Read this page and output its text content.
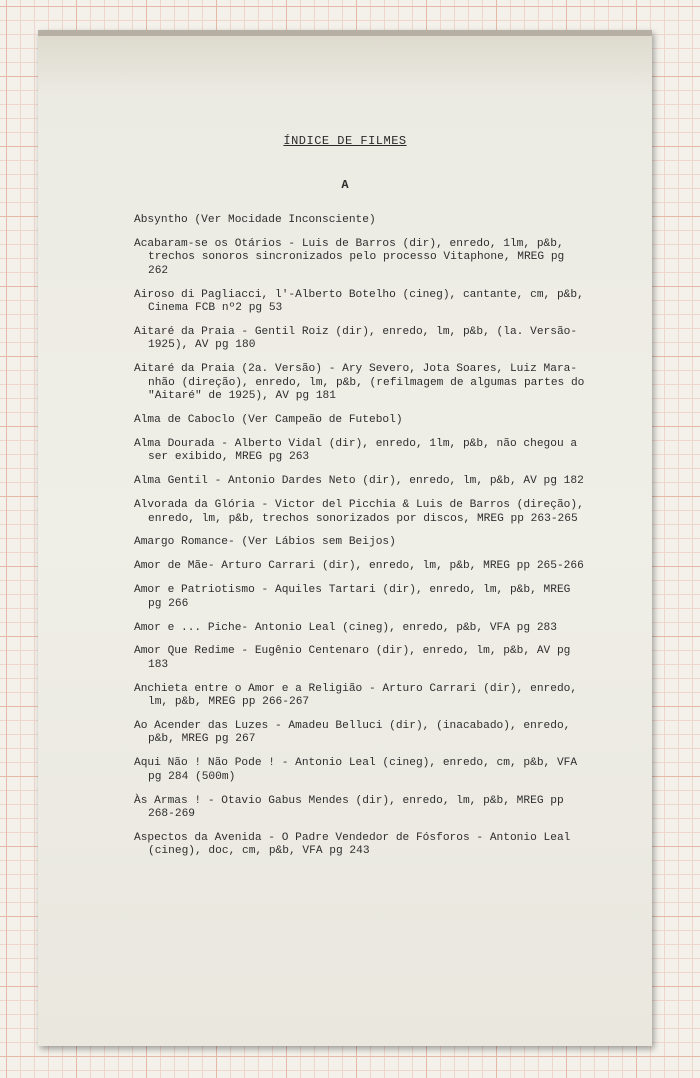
ÍNDICE DE FILMES
A
Absyntho (Ver Mocidade Inconsciente)
Acabaram-se os Otários - Luis de Barros (dir), enredo, 1lm, p&b,
trechos sonoros sincronizados pelo processo Vitaphone, MREG pg
262
Airoso di Pagliacci, l'-Alberto Botelho (cineg), cantante, cm, p&b,
Cinema FCB nº2 pg 53
Aitaré da Praia - Gentil Roiz (dir), enredo, lm, p&b, (la. Versão-
1925), AV pg 180
Aitaré da Praia (2a. Versão) - Ary Severo, Jota Soares, Luiz Mara-
nhão (direção), enredo, lm, p&b, (refilmagem de algumas partes do
"Aitaré" de 1925), AV pg 181
Alma de Caboclo (Ver Campeão de Futebol)
Alma Dourada - Alberto Vidal (dir), enredo, 1lm, p&b, não chegou a
ser exibido, MREG pg 263
Alma Gentil - Antonio Dardes Neto (dir), enredo, lm, p&b, AV pg 182
Alvorada da Glória - Victor del Picchia & Luis de Barros (direção),
enredo, lm, p&b, trechos sonorizados por discos, MREG pp 263-265
Amargo Romance- (Ver Lábios sem Beijos)
Amor de Mãe- Arturo Carrari (dir), enredo, lm, p&b, MREG pp 265-266
Amor e Patriotismo - Aquiles Tartari (dir), enredo, lm, p&b, MREG
pg 266
Amor e ... Piche- Antonio Leal (cineg), enredo, p&b, VFA pg 283
Amor Que Redime - Eugênio Centenaro (dir), enredo, lm, p&b, AV pg
183
Anchieta entre o Amor e a Religião - Arturo Carrari (dir), enredo,
lm, p&b, MREG pp 266-267
Ao Acender das Luzes - Amadeu Belluci (dir), (inacabado), enredo,
p&b, MREG pg 267
Aqui Não ! Não Pode ! - Antonio Leal (cineg), enredo, cm, p&b, VFA
pg 284 (500m)
Às Armas ! - Otavio Gabus Mendes (dir), enredo, lm, p&b, MREG pp
268-269
Aspectos da Avenida - O Padre Vendedor de Fósforos - Antonio Leal
(cineg), doc, cm, p&b, VFA pg 243
